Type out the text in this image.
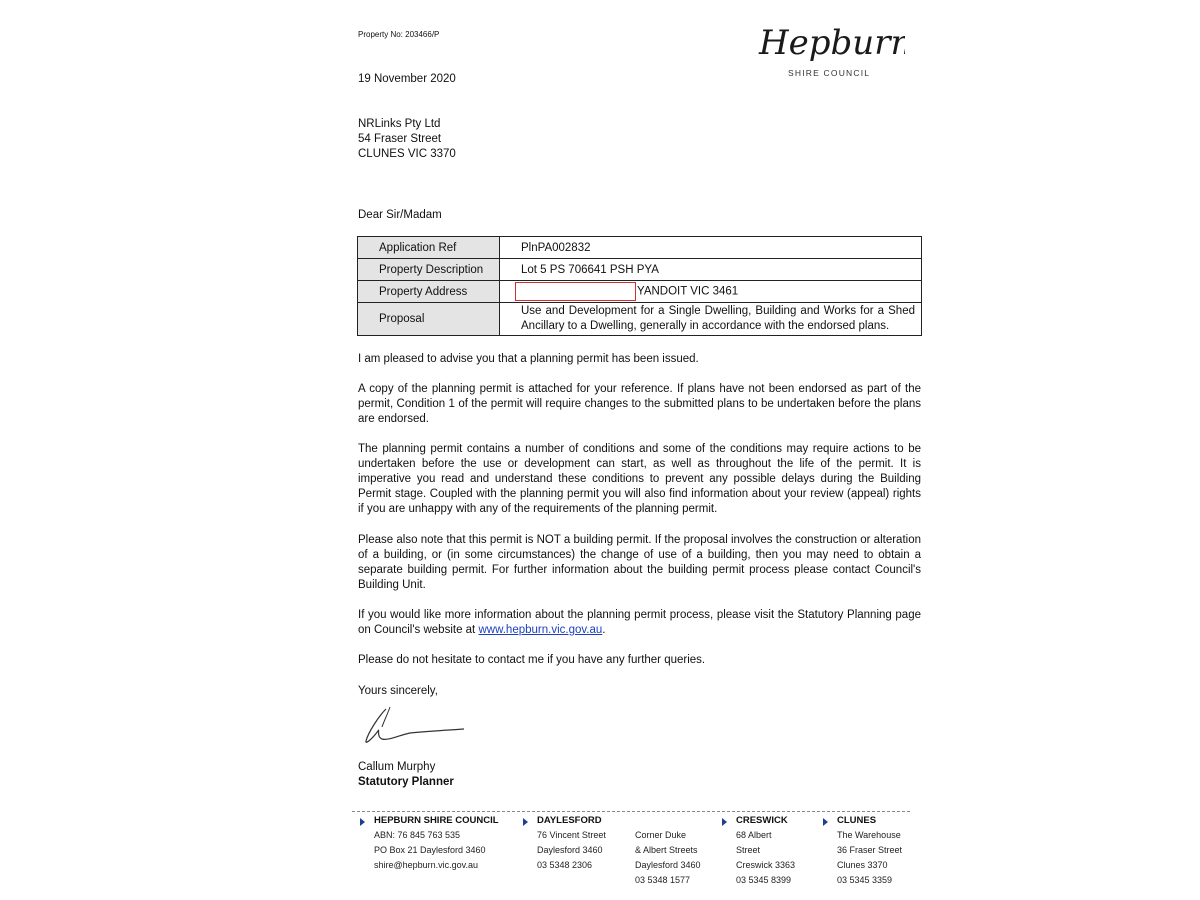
Property No: 203466/P	Hepburn
SHIRE COUNCIL
19 November 2020
NRLinks Pty Ltd
54 Fraser Street
CLUNES VIC 3370
Dear Sir/Madam
Application Ref	PlnPA002832
Property Description	Lot 5 PS 706641 PSH PYA
Property Address	YANDOIT VIC 3461
Proposal	Use and Development for a Single Dwelling, Building and Works for a Shed Ancillary to a Dwelling, generally in accordance with the endorsed plans.
I am pleased to advise you that a planning permit has been issued.
A copy of the planning permit is attached for your reference. If plans have not been endorsed as part of the permit, Condition 1 of the permit will require changes to the submitted plans to be undertaken before the plans are endorsed.
The planning permit contains a number of conditions and some of the conditions may require actions to be undertaken before the use or development can start, as well as throughout the life of the permit. It is imperative you read and understand these conditions to prevent any possible delays during the Building Permit stage. Coupled with the planning permit you will also find information about your review (appeal) rights if you are unhappy with any of the requirements of the planning permit.
Please also note that this permit is NOT a building permit. If the proposal involves the construction or alteration of a building, or (in some circumstances) the change of use of a building, then you may need to obtain a separate building permit. For further information about the building permit process please contact Council's Building Unit.
If you would like more information about the planning permit process, please visit the Statutory Planning page on Council's website at www.hepburn.vic.gov.au.
Please do not hesitate to contact me if you have any further queries.
Yours sincerely,
Callum Murphy
Statutory Planner
HEPBURN SHIRE COUNCIL
ABN: 76 845 763 535
PO Box 21 Daylesford 3460
shire@hepburn.vic.gov.au
DAYLESFORD
76 Vincent Street
Daylesford 3460
03 5348 2306
Corner Duke
& Albert Streets
Daylesford 3460
03 5348 1577
CRESWICK
68 Albert
Street
Creswick 3363
03 5345 8399
CLUNES
The Warehouse
36 Fraser Street
Clunes 3370
03 5345 3359
